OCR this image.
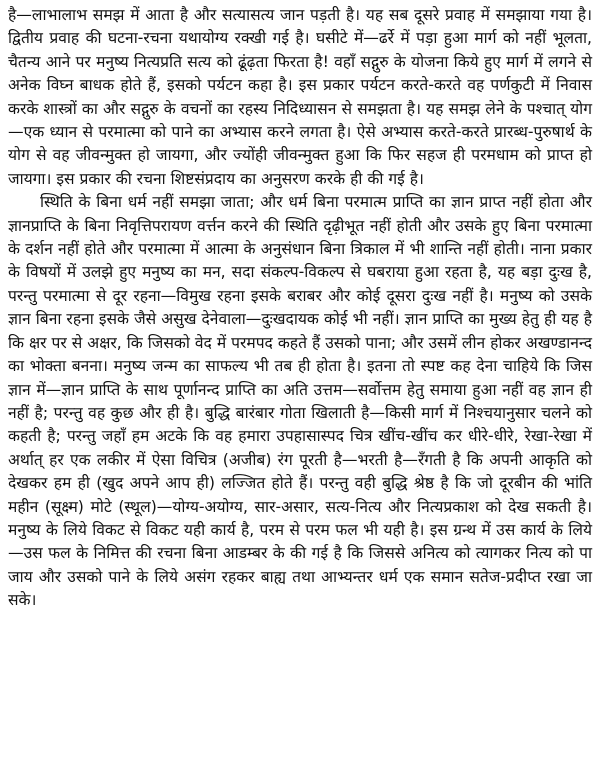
है—लाभालाभ समझ में आता है और सत्यासत्य जान पड़ती है। यह सब दूसरे प्रवाह में समझाया गया है। द्वितीय प्रवाह की घटना-रचना यथायोग्य रक्खी गई है। घसीटे में—ढर्रे में पड़ा हुआ मार्ग को नहीं भूलता, चैतन्य आने पर मनुष्य नित्यप्रति सत्य को ढूंढ़ता फिरता है! वहाँ सद्गुरु के योजना किये हुए मार्ग में लगने से अनेक विघ्न बाधक होते हैं, इसको पर्यटन कहा है। इस प्रकार पर्यटन करते-करते वह पर्णकुटी में निवास करके शास्त्रों का और सद्गुरु के वचनों का रहस्य निदिध्यासन से समझता है। यह समझ लेने के पश्चात् योग—एक ध्यान से परमात्मा को पाने का अभ्यास करने लगता है। ऐसे अभ्यास करते-करते प्रारब्ध-पुरुषार्थ के योग से वह जीवन्मुक्त हो जायगा, और ज्योंही जीवन्मुक्त हुआ कि फिर सहज ही परमधाम को प्राप्त हो जायगा। इस प्रकार की रचना शिष्टसंप्रदाय का अनुसरण करके ही की गई है।

स्थिति के बिना धर्म नहीं समझा जाता; और धर्म बिना परमात्म प्राप्ति का ज्ञान प्राप्त नहीं होता और ज्ञानप्राप्ति के बिना निवृत्तिपरायण वर्त्तन करने की स्थिति दृढ़ीभूत नहीं होती और उसके हुए बिना परमात्मा के दर्शन नहीं होते और परमात्मा में आत्मा के अनुसंधान बिना त्रिकाल में भी शान्ति नहीं होती। नाना प्रकार के विषयों में उलझे हुए मनुष्य का मन, सदा संकल्प-विकल्प से घबराया हुआ रहता है, यह बड़ा दुःख है, परन्तु परमात्मा से दूर रहना—विमुख रहना इसके बराबर और कोई दूसरा दुःख नहीं है। मनुष्य को उसके ज्ञान बिना रहना इसके जैसे असुख देनेवाला—दुःखदायक कोई भी नहीं। ज्ञान प्राप्ति का मुख्य हेतु ही यह है कि क्षर पर से अक्षर, कि जिसको वेद में परमपद कहते हैं उसको पाना; और उसमें लीन होकर अखण्डानन्द का भोक्ता बनना। मनुष्य जन्म का साफल्य भी तब ही होता है। इतना तो स्पष्ट कह देना चाहिये कि जिस ज्ञान में—ज्ञान प्राप्ति के साथ पूर्णानन्द प्राप्ति का अति उत्तम—सर्वोत्तम हेतु समाया हुआ नहीं वह ज्ञान ही नहीं है; परन्तु वह कुछ और ही है। बुद्धि बारंबार गोता खिलाती है—किसी मार्ग में निश्चयानुसार चलने को कहती है; परन्तु जहाँ हम अटके कि वह हमारा उपहासास्पद चित्र खींच-खींच कर धीरे-धीरे, रेखा-रेखा में अर्थात् हर एक लकीर में ऐसा विचित्र (अजीब) रंग पूरती है—भरती है—रँगती है कि अपनी आकृति को देखकर हम ही (खुद अपने आप ही) लज्जित होते हैं। परन्तु वही बुद्धि श्रेष्ठ है कि जो दूरबीन की भांति महीन (सूक्ष्म) मोटे (स्थूल)—योग्य-अयोग्य, सार-असार, सत्य-नित्य और नित्यप्रकाश को देख सकती है। मनुष्य के लिये विकट से विकट यही कार्य है, परम से परम फल भी यही है। इस ग्रन्थ में उस कार्य के लिये—उस फल के निमित्त की रचना बिना आडम्बर के की गई है कि जिससे अनित्य को त्यागकर नित्य को पा जाय और उसको पाने के लिये असंग रहकर बाह्य तथा आभ्यन्तर धर्म एक समान सतेज-प्रदीप्त रखा जा सके।
